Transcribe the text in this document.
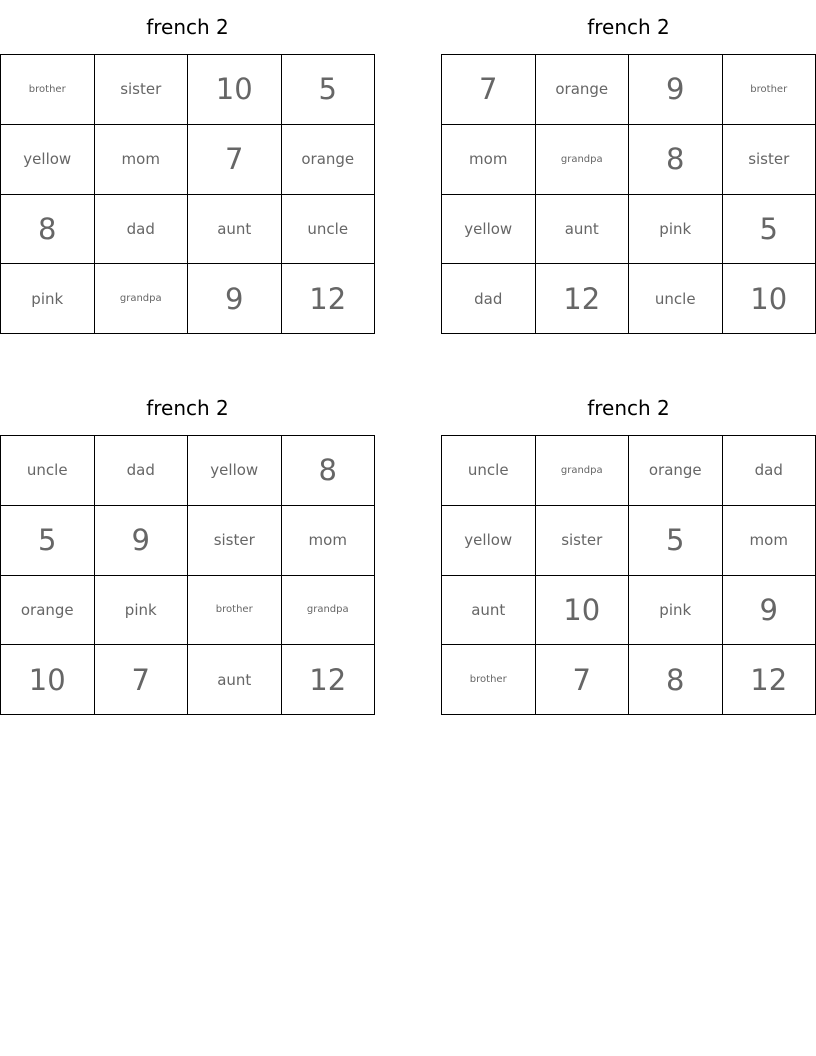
french 2
brother	sister	10	5
yellow	mom	7	orange
8	dad	aunt	uncle
pink	grandpa	9	12
french 2
7	orange	9	brother
mom	grandpa	8	sister
yellow	aunt	pink	5
dad	12	uncle	10
french 2
uncle	dad	yellow	8
5	9	sister	mom
orange	pink	brother	grandpa
10	7	aunt	12
french 2
uncle	grandpa	orange	dad
yellow	sister	5	mom
aunt	10	pink	9
brother	7	8	12
